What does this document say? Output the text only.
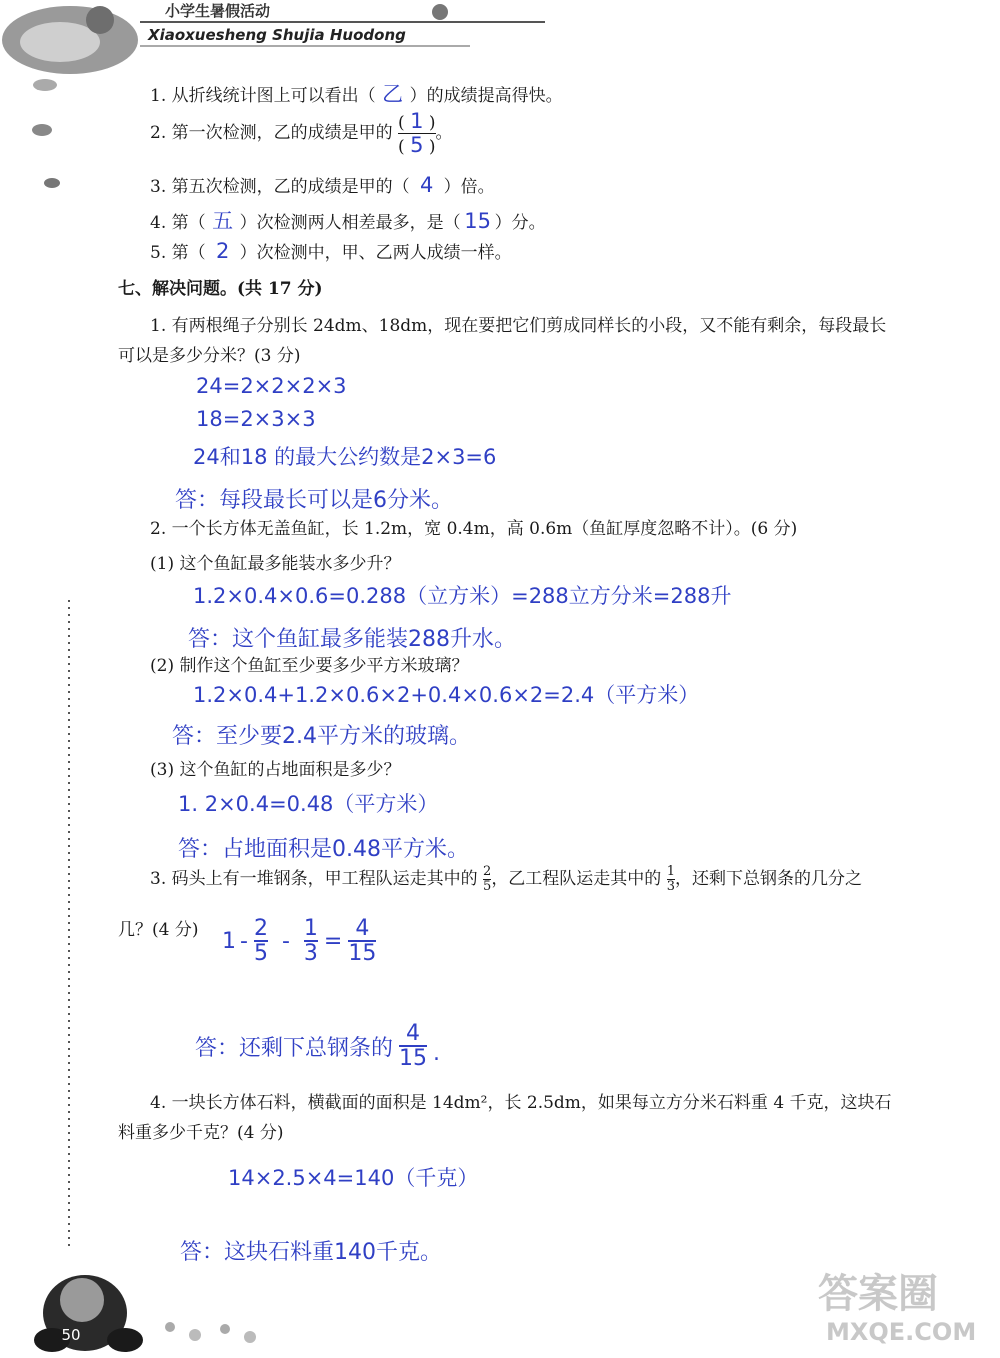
小学生暑假活动
Xiaoxuesheng Shujia Huodong
1. 从折线统计图上可以看出（ 乙 ）的成绩提高得快。
2. 第一次检测，乙的成绩是甲的 $\frac{( 1 )}{( 5 )}$ 。
3. 第五次检测，乙的成绩是甲的（ 4 ）倍。
4. 第（ 五 ）次检测两人相差最多，是（ 15 ）分。
5. 第（ 2 ）次检测中，甲、乙两人成绩一样。
七、解决问题。(共 17 分)
1. 有两根绳子分别长 24dm、18dm，现在要把它们剪成同样长的小段，又不能有剩余，每段最长
可以是多少分米？(3 分)
24=2×2×2×3
18=2×3×3
24和18 的最大公约数是2×3=6
答：每段最长可以是6分米。
2. 一个长方体无盖鱼缸，长 1.2m，宽 0.4m，高 0.6m（鱼缸厚度忽略不计）。(6 分)
(1) 这个鱼缸最多能装水多少升？
1.2×0.4×0.6=0.288（立方米）=288立方分米=288升
答：这个鱼缸最多能装288升水。
(2) 制作这个鱼缸至少要多少平方米玻璃？
1.2×0.4+1.2×0.6×2+0.4×0.6×2=2.4（平方米）
答：至少要2.4平方米的玻璃。
(3) 这个鱼缸的占地面积是多少？
1. 2×0.4=0.48（平方米）
答：占地面积是0.48平方米。
3. 码头上有一堆钢条，甲工程队运走其中的 $\frac{2}{5}$ ，乙工程队运走其中的 $\frac{1}{3}$ ，还剩下总钢条的几分之
几？(4 分) $1 - \frac{2}{5} - \frac{1}{3} = \frac{4}{15}$
答：还剩下总钢条的 $\frac{4}{15}$ .
4. 一块长方体石料，横截面的面积是 14dm²，长 2.5dm，如果每立方分米石料重 4 千克，这块石
料重多少千克？(4 分)
14×2.5×4=140（千克）
答：这块石料重140千克。
50
答案圈
MXQE.COM
